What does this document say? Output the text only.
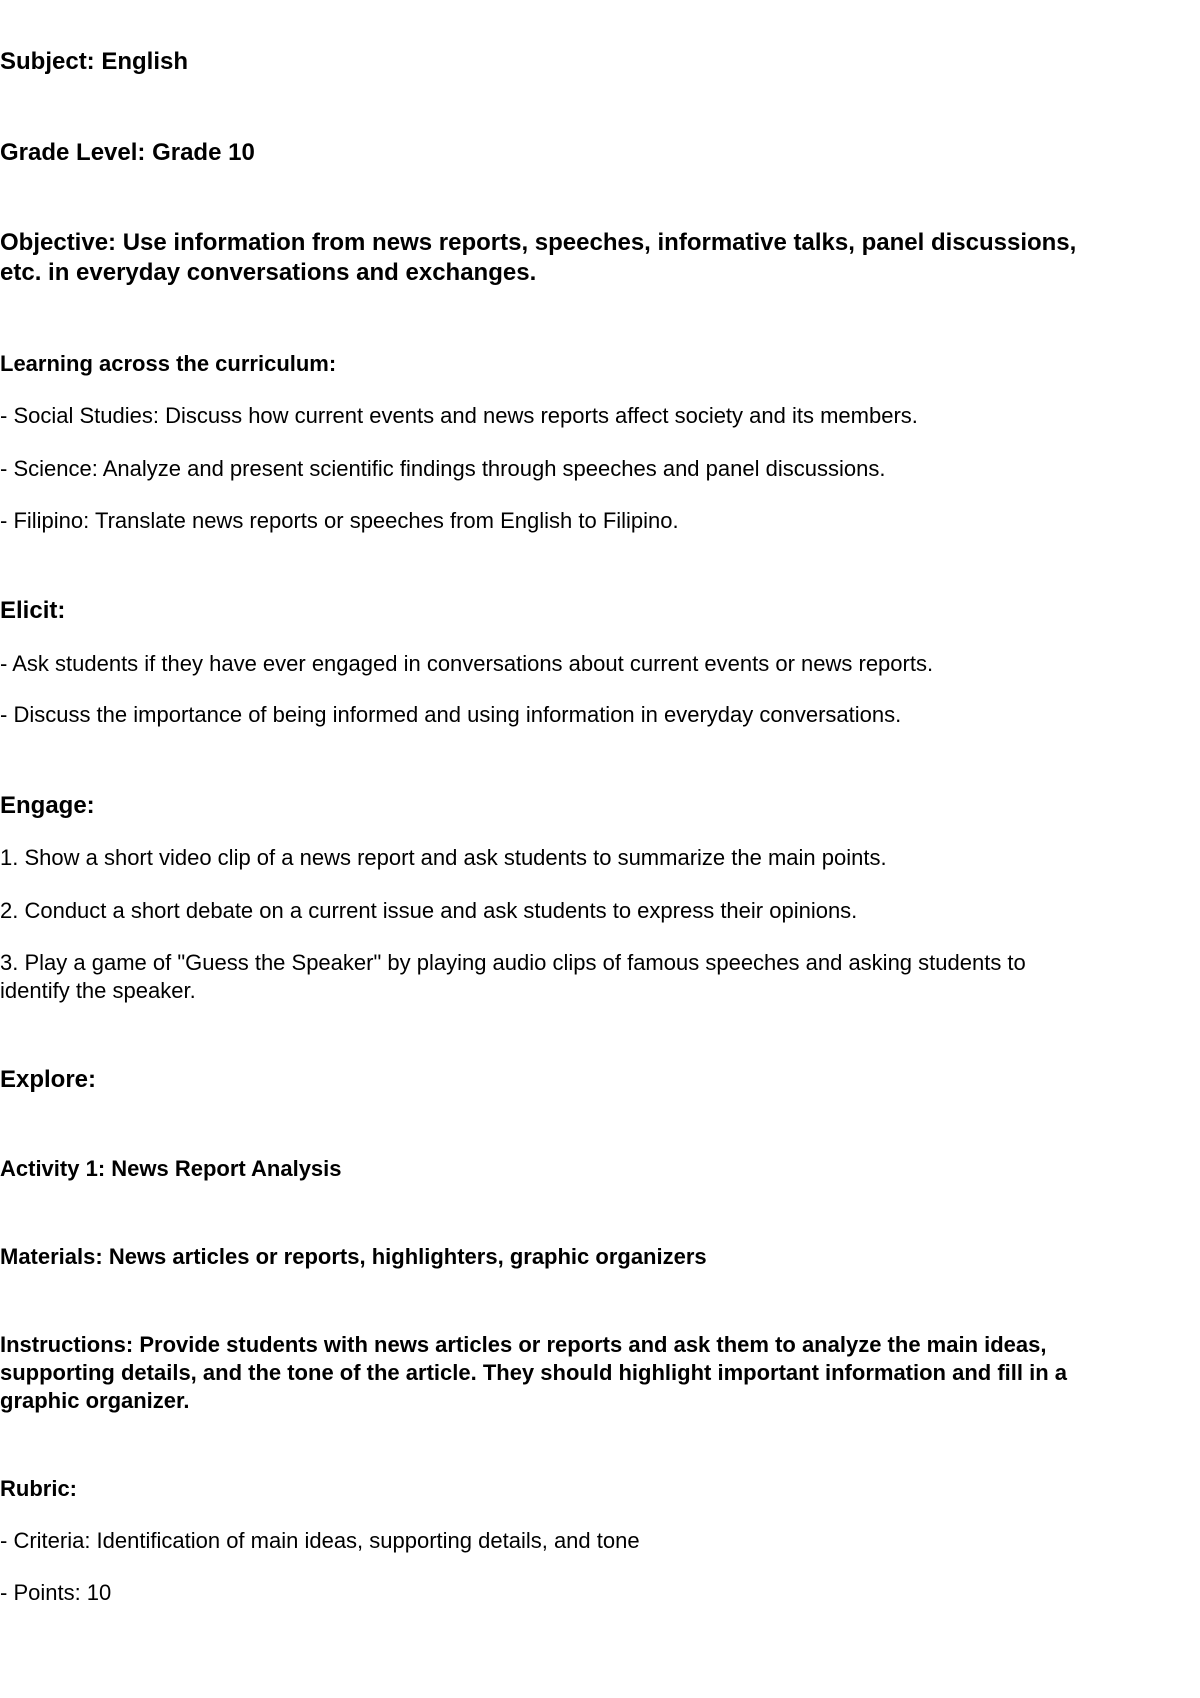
Subject: English

Grade Level: Grade 10

Objective: Use information from news reports, speeches, informative talks, panel discussions,

etc. in everyday conversations and exchanges.

Learning across the curriculum:

- Social Studies: Discuss how current events and news reports affect society and its members.

- Science: Analyze and present scientific findings through speeches and panel discussions.

- Filipino: Translate news reports or speeches from English to Filipino.

Elicit:

- Ask students if they have ever engaged in conversations about current events or news reports.

- Discuss the importance of being informed and using information in everyday conversations.

Engage:

1. Show a short video clip of a news report and ask students to summarize the main points.

2. Conduct a short debate on a current issue and ask students to express their opinions.

3. Play a game of "Guess the Speaker" by playing audio clips of famous speeches and asking students to

identify the speaker.

Explore:

Activity 1: News Report Analysis

Materials: News articles or reports, highlighters, graphic organizers

Instructions: Provide students with news articles or reports and ask them to analyze the main ideas,

supporting details, and the tone of the article. They should highlight important information and fill in a

graphic organizer.

Rubric:

- Criteria: Identification of main ideas, supporting details, and tone

- Points: 10
